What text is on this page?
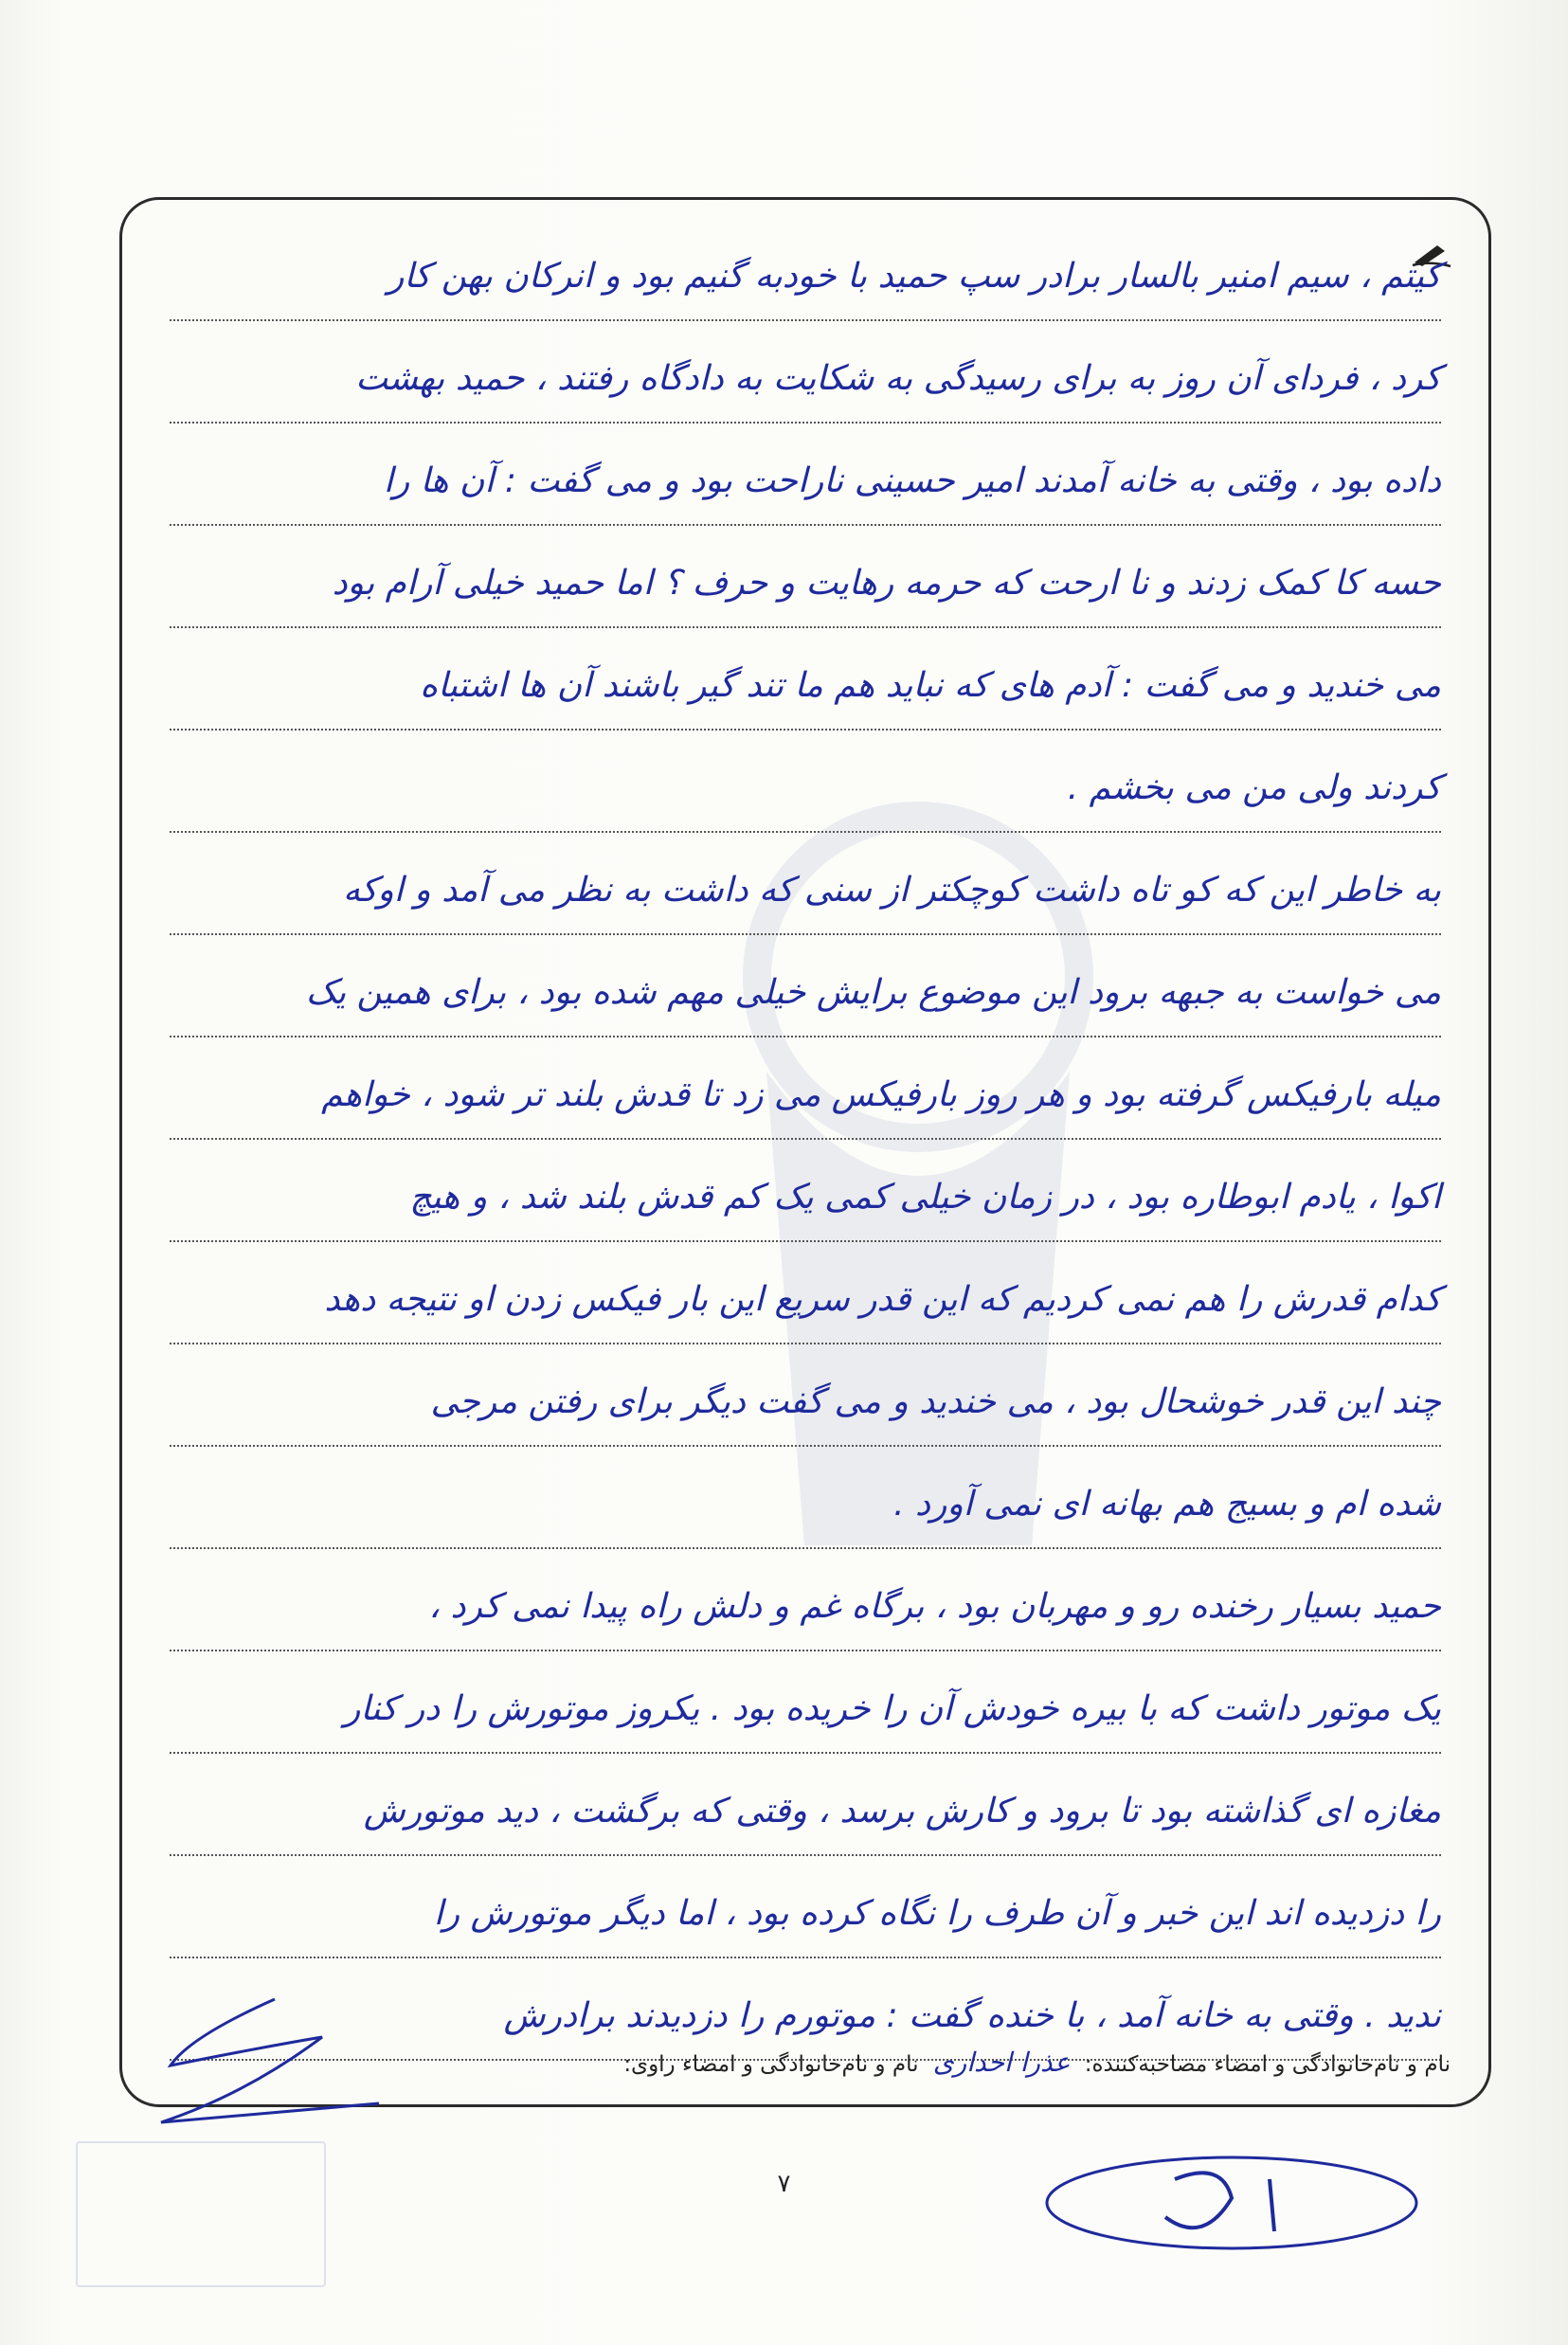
کیتم ، سیم امنیر بالسار برادر سپ حمید با خودبه گنیم بود و انرکان بهن کار
کرد ، فردای آن روز به برای رسیدگی به شکایت به دادگاه رفتند ، حمید بهشت
داده بود ، وقتی به خانه آمدند امیر حسینی ناراحت بود و می گفت : آن ها را
حسه کا کمک زدند و نا ارحت که حرمه رهایت و حرف ؟ اما حمید خیلی آرام بود
می خندید و می گفت : آدم های که نباید هم ما تند گیر باشند آن ها اشتباه
کردند ولی من می بخشم .
به خاطر این که کو تاه داشت کوچکتر از سنی که داشت به نظر می آمد و اوکه
می خواست به جبهه برود این موضوع برایش خیلی مهم شده بود ، برای همین یک
میله بارفیکس گرفته بود و هر روز بارفیکس می زد تا قدش بلند تر شود ، خواهم
اکوا ، یادم ابوطاره بود ، در زمان خیلی کمی یک کم قدش بلند شد ، و هیچ
کدام قدرش را هم نمی کردیم که این قدر سریع این بار فیکس زدن او نتیجه دهد
چند این قدر خوشحال بود ، می خندید و می گفت دیگر برای رفتن مرجی
شده ام و بسیج هم بهانه ای نمی آورد .
حمید بسیار رخنده رو و مهربان بود ، برگاه غم و دلش راه پیدا نمی کرد ،
یک موتور داشت که با بیره خودش آن را خریده بود . یکروز موتورش را در کنار
مغازه ای گذاشته بود تا برود و کارش برسد ، وقتی که برگشت ، دید موتورش
را دزدیده اند این خبر و آن طرف را نگاه کرده بود ، اما دیگر موتورش را
ندید . وقتی به خانه آمد ، با خنده گفت : موتورم را دزدیدند برادرش
نام و نام‌خانوادگی و امضاء مصاحبه‌کننده: عذرا احداری نام و نام‌خانوادگی و امضاء راوی:
۷
